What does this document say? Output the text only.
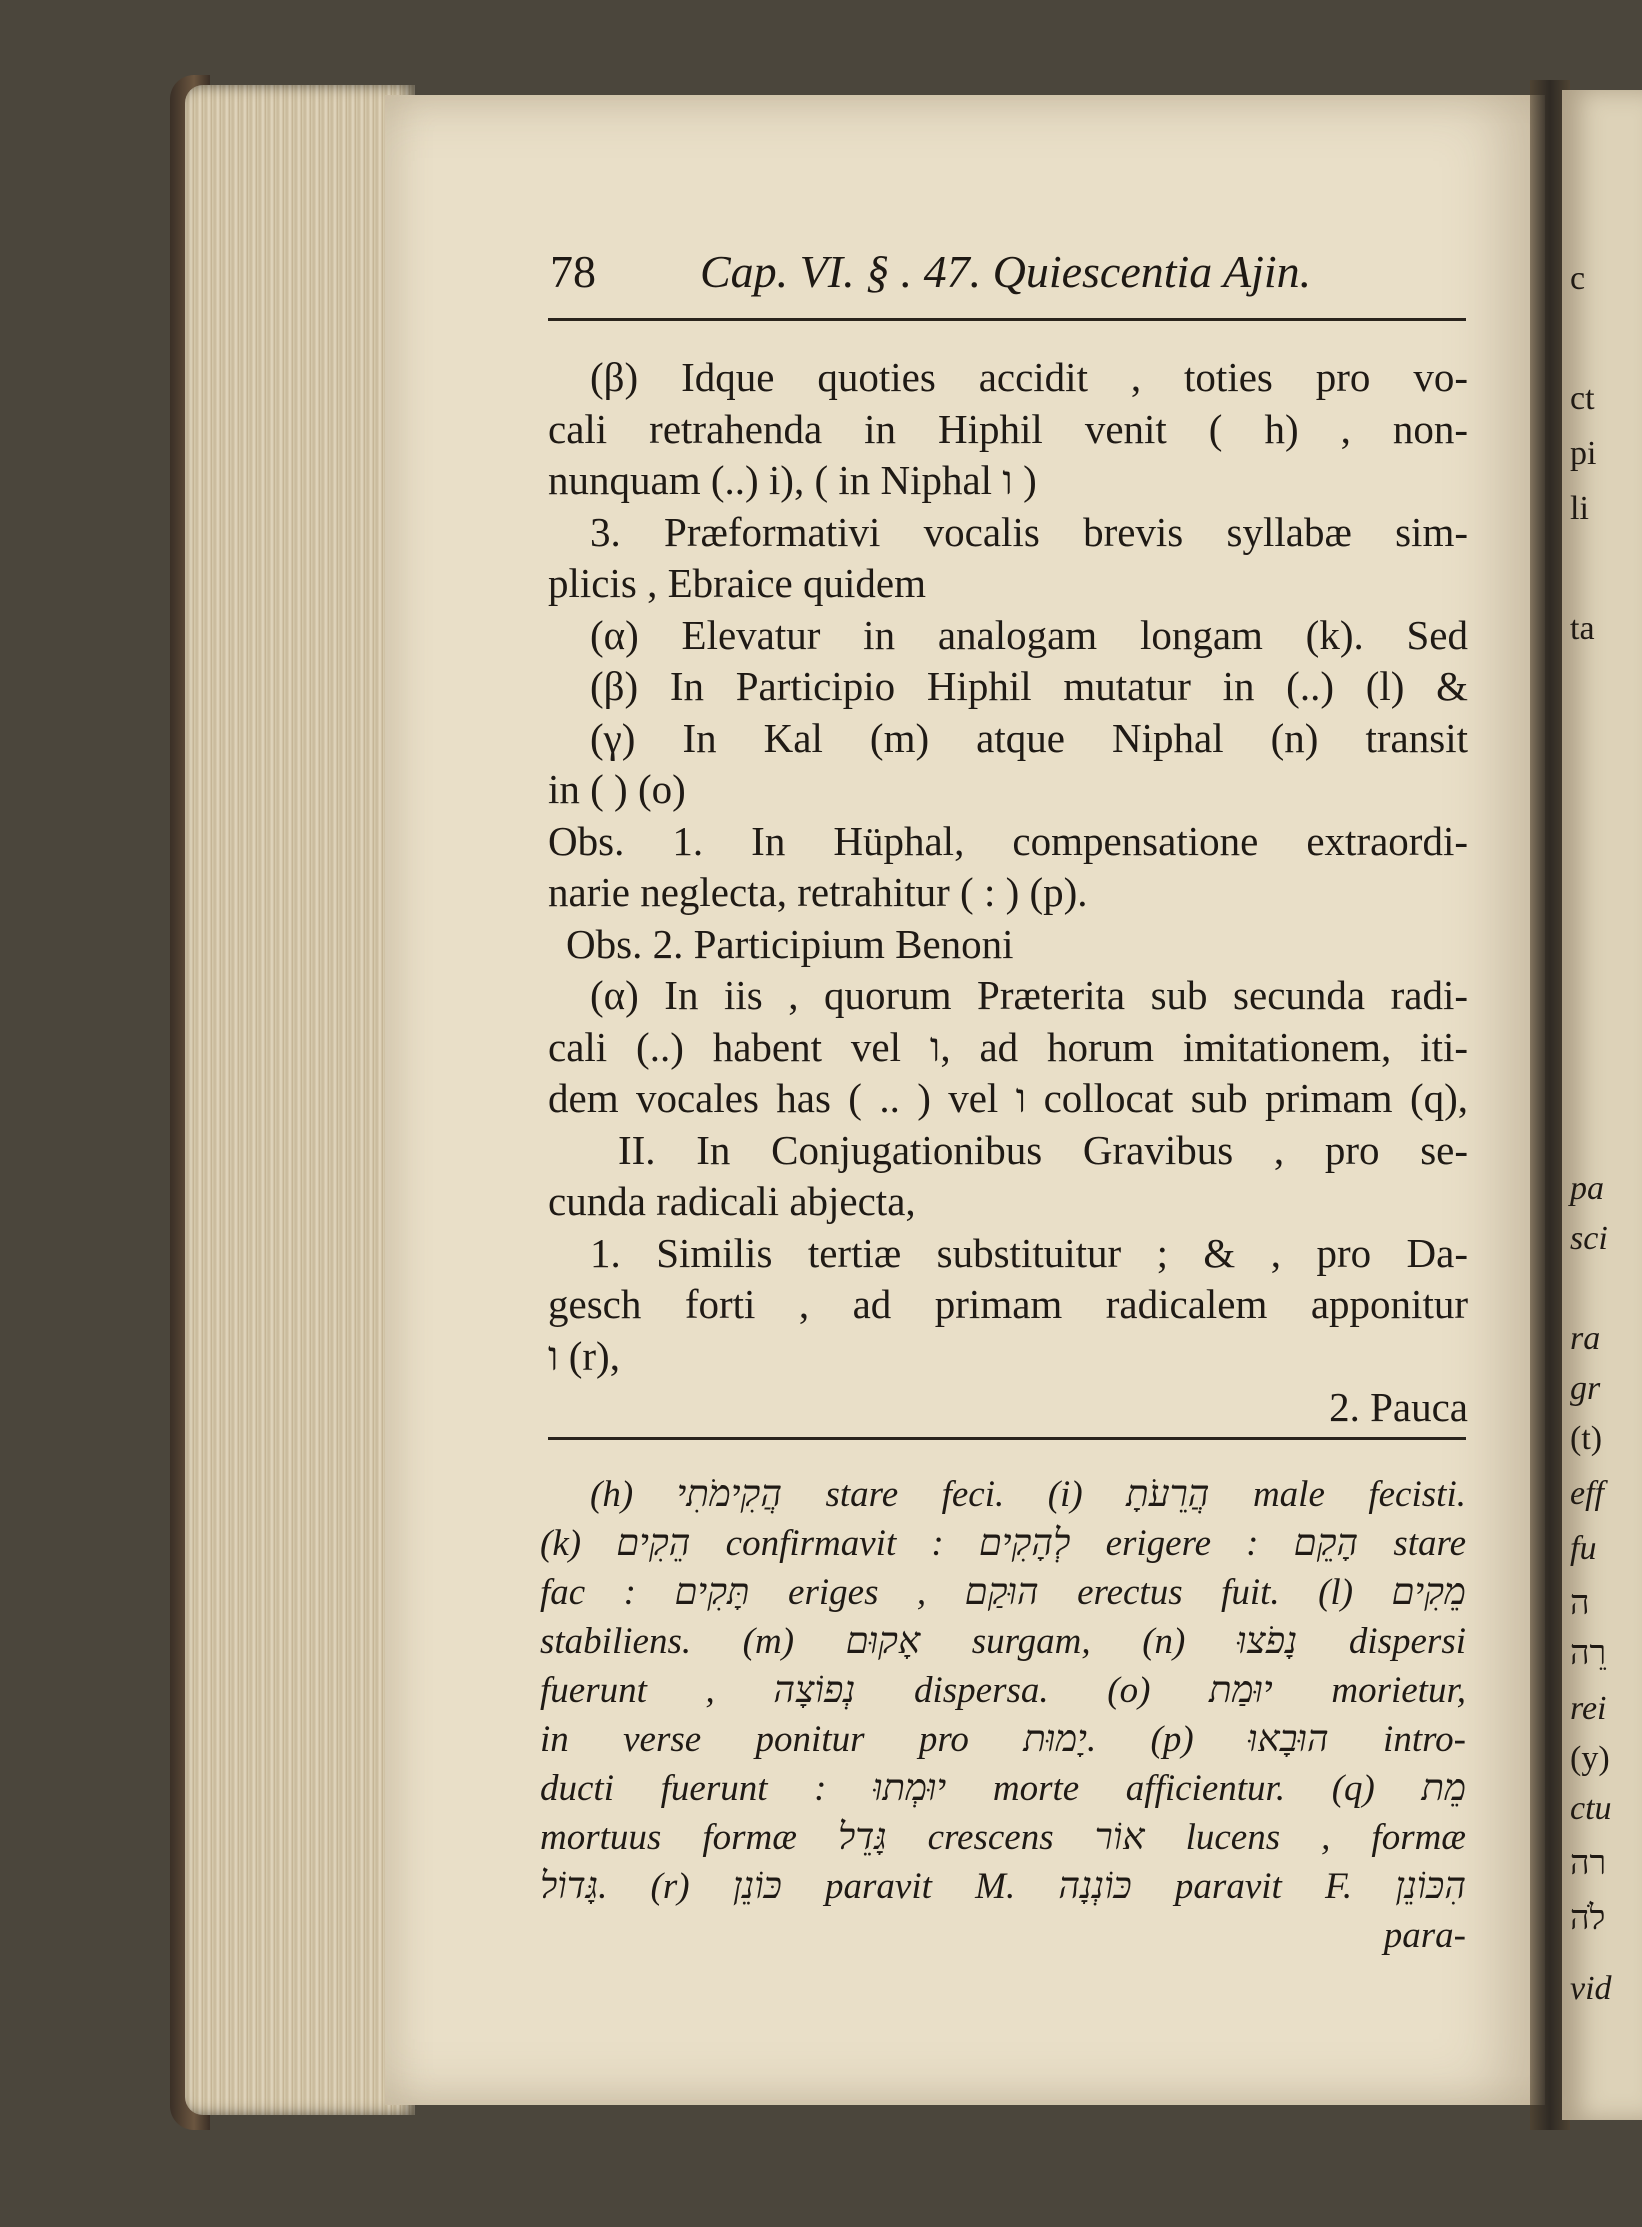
c
ct
pi
li
ta
pa
sci
ra
gr
(t)
eff
fu
ה
רֵה
rei
(y)
ctu
רה
לֹה
vid
78 Cap. VI. § . 47. Quiescentia Ajin.
(β) Idque quoties accidit , toties pro vo-
cali retrahenda in Hiphil venit ( h) , non-
nunquam (..) i), ( in Niphal ו )
3. Præformativi vocalis brevis syllabæ sim-
plicis , Ebraice quidem
(α) Elevatur in analogam longam (k). Sed
(β) In Participio Hiphil mutatur in (..) (l) &
(γ) In Kal (m) atque Niphal (n) transit
in ( ) (o)
Obs. 1. In Hüphal, compensatione extraordi-
narie neglecta, retrahitur ( : ) (p).
Obs. 2. Participium Benoni
(α) In iis , quorum Præterita sub secunda radi-
cali (..) habent vel ו, ad horum imitationem, iti-
dem vocales has ( .. ) vel ו collocat sub primam (q),
II. In Conjugationibus Gravibus , pro se-
cunda radicali abjecta,
1. Similis tertiæ substituitur ; & , pro Da-
gesch forti , ad primam radicalem apponitur
ו (r),
2. Pauca
(h) הֲקִימֹתִי stare feci. (i) הֲרֵעֹתָ male fecisti.
(k) הֵקִים confirmavit : לְהָקִים erigere : הָקֵם stare
fac : תָּקִים eriges , הוּקַם erectus fuit. (l) מֵקִים
stabiliens. (m) אָקוּם surgam, (n) נָפֹצוּ dispersi
fuerunt , נְפוֹצָה dispersa. (o) יוּמַת morietur,
in verse ponitur pro יָמוּת. (p) הוּבָאוּ intro-
ducti fuerunt : יוּמְתוּ morte afficientur. (q) מֵת
mortuus formæ גָּדֵל crescens אוֹר lucens , formæ
גָּדוֹל. (r) כּוֹנֵן paravit M. כּוֹנְנָה paravit F. הִכּוֹנֵן
para-
